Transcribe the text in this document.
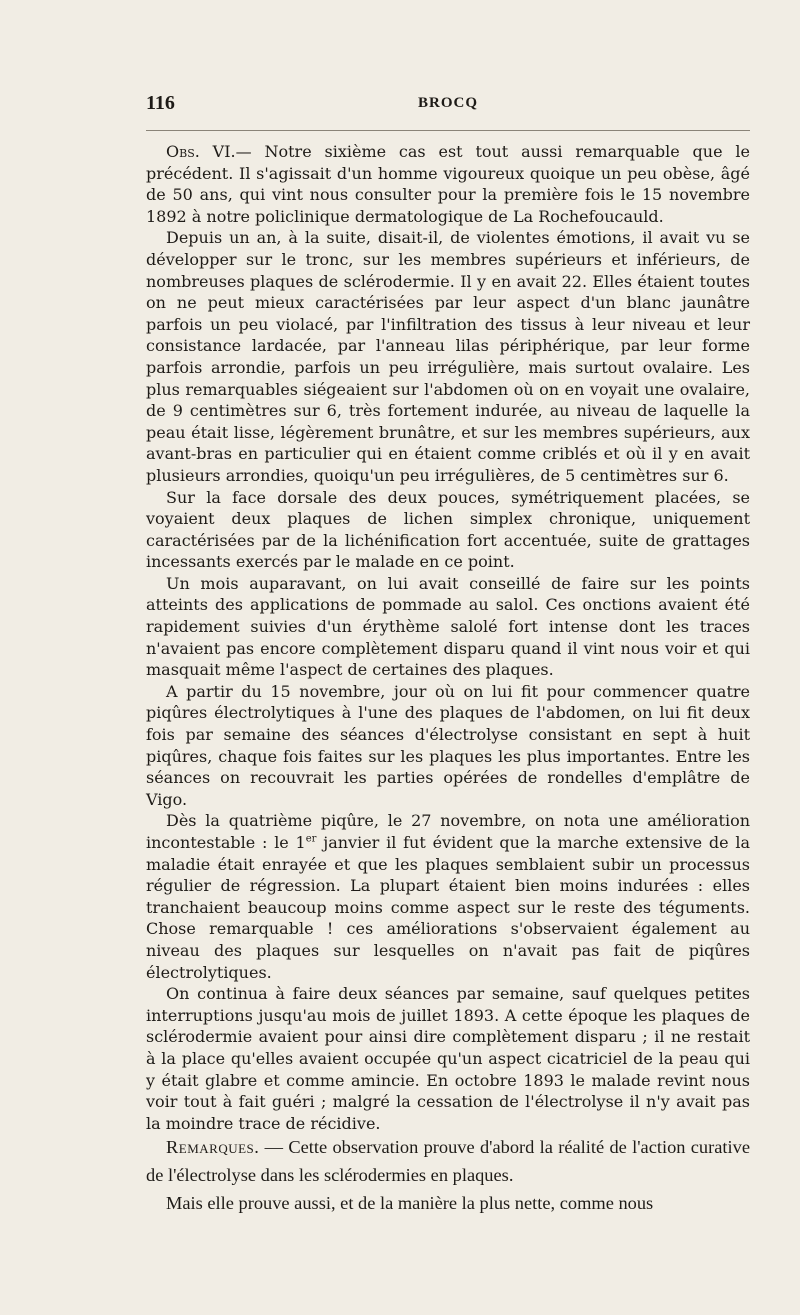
116	BROCQ

Obs. VI.— Notre sixième cas est tout aussi remarquable que le précédent. Il s'agissait d'un homme vigoureux quoique un peu obèse, âgé de 50 ans, qui vint nous consulter pour la première fois le 15 novembre 1892 à notre policlinique dermatologique de La Rochefoucauld.

Depuis un an, à la suite, disait-il, de violentes émotions, il avait vu se développer sur le tronc, sur les membres supérieurs et inférieurs, de nombreuses plaques de sclérodermie. Il y en avait 22. Elles étaient toutes on ne peut mieux caractérisées par leur aspect d'un blanc jaunâtre parfois un peu violacé, par l'infiltration des tissus à leur niveau et leur consistance lardacée, par l'anneau lilas périphérique, par leur forme parfois arrondie, parfois un peu irrégulière, mais surtout ovalaire. Les plus remarquables siégeaient sur l'abdomen où on en voyait une ovalaire, de 9 centimètres sur 6, très fortement indurée, au niveau de laquelle la peau était lisse, légèrement brunâtre, et sur les membres supérieurs, aux avant-bras en particulier qui en étaient comme criblés et où il y en avait plusieurs arrondies, quoiqu'un peu irrégulières, de 5 centimètres sur 6.

Sur la face dorsale des deux pouces, symétriquement placées, se voyaient deux plaques de lichen simplex chronique, uniquement caractérisées par de la lichénification fort accentuée, suite de grattages incessants exercés par le malade en ce point.

Un mois auparavant, on lui avait conseillé de faire sur les points atteints des applications de pommade au salol. Ces onctions avaient été rapidement suivies d'un érythème salolé fort intense dont les traces n'avaient pas encore complètement disparu quand il vint nous voir et qui masquait même l'aspect de certaines des plaques.

A partir du 15 novembre, jour où on lui fit pour commencer quatre piqûres électrolytiques à l'une des plaques de l'abdomen, on lui fit deux fois par semaine des séances d'électrolyse consistant en sept à huit piqûres, chaque fois faites sur les plaques les plus importantes. Entre les séances on recouvrait les parties opérées de rondelles d'emplâtre de Vigo.

Dès la quatrième piqûre, le 27 novembre, on nota une amélioration incontestable : le 1er janvier il fut évident que la marche extensive de la maladie était enrayée et que les plaques semblaient subir un processus régulier de régression. La plupart étaient bien moins indurées : elles tranchaient beaucoup moins comme aspect sur le reste des téguments. Chose remarquable ! ces améliorations s'observaient également au niveau des plaques sur lesquelles on n'avait pas fait de piqûres électrolytiques.

On continua à faire deux séances par semaine, sauf quelques petites interruptions jusqu'au mois de juillet 1893. A cette époque les plaques de sclérodermie avaient pour ainsi dire complètement disparu ; il ne restait à la place qu'elles avaient occupée qu'un aspect cicatriciel de la peau qui y était glabre et comme amincie. En octobre 1893 le malade revint nous voir tout à fait guéri ; malgré la cessation de l'électrolyse il n'y avait pas la moindre trace de récidive.

Remarques. — Cette observation prouve d'abord la réalité de l'action curative de l'électrolyse dans les sclérodermies en plaques.

Mais elle prouve aussi, et de la manière la plus nette, comme nous
